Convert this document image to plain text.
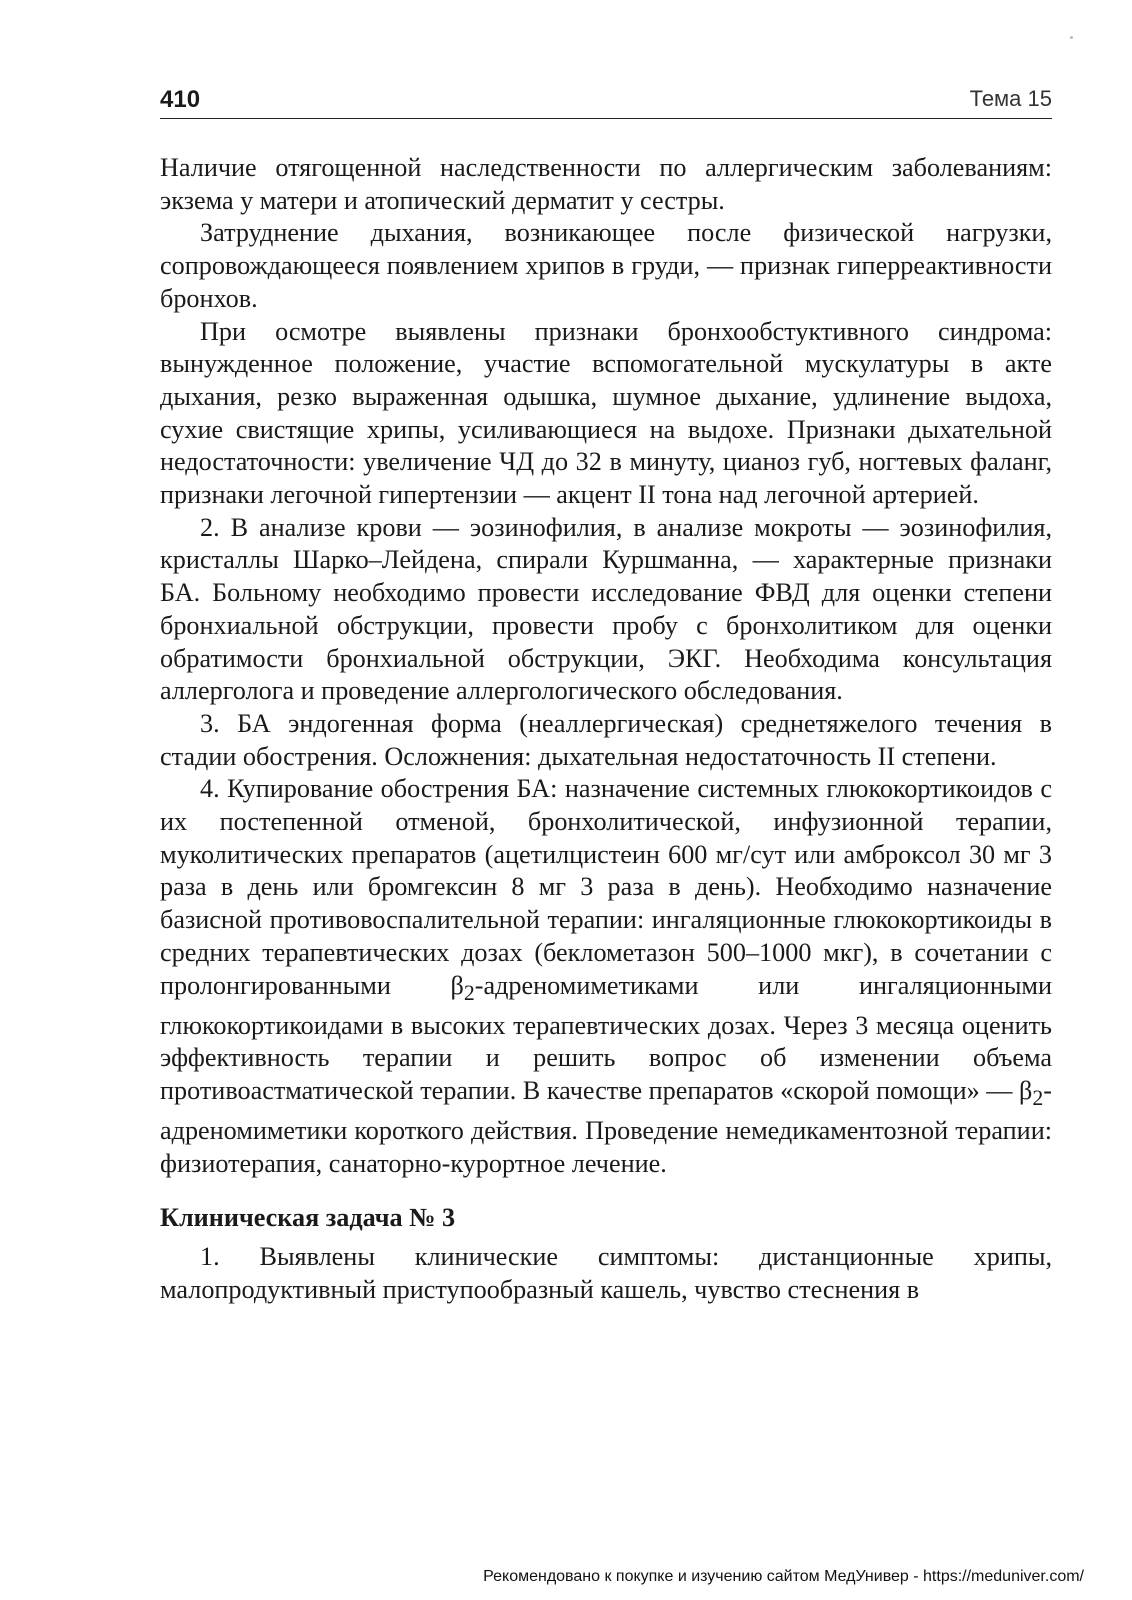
410	Тема 15

Наличие отягощенной наследственности по аллергическим заболеваниям: экзема у матери и атопический дерматит у сестры.

Затруднение дыхания, возникающее после физической нагрузки, сопровождающееся появлением хрипов в груди, — признак гиперреактивности бронхов.

При осмотре выявлены признаки бронхообстуктивного синдрома: вынужденное положение, участие вспомогательной мускулатуры в акте дыхания, резко выраженная одышка, шумное дыхание, удлинение выдоха, сухие свистящие хрипы, усиливающиеся на выдохе. Признаки дыхательной недостаточности: увеличение ЧД до 32 в минуту, цианоз губ, ногтевых фаланг, признаки легочной гипертензии — акцент II тона над легочной артерией.

2. В анализе крови — эозинофилия, в анализе мокроты — эозинофилия, кристаллы Шарко–Лейдена, спирали Куршманна, — характерные признаки БА. Больному необходимо провести исследование ФВД для оценки степени бронхиальной обструкции, провести пробу с бронхолитиком для оценки обратимости бронхиальной обструкции, ЭКГ. Необходима консультация аллерголога и проведение аллергологического обследования.

3. БА эндогенная форма (неаллергическая) среднетяжелого течения в стадии обострения. Осложнения: дыхательная недостаточность II степени.

4. Купирование обострения БА: назначение системных глюкокортикоидов с их постепенной отменой, бронхолитической, инфузионной терапии, муколитических препаратов (ацетилцистеин 600 мг/сут или амброксол 30 мг 3 раза в день или бромгексин 8 мг 3 раза в день). Необходимо назначение базисной противовоспалительной терапии: ингаляционные глюкокортикоиды в средних терапевтических дозах (беклометазон 500–1000 мкг), в сочетании с пролонгированными $\beta_2$-адреномиметиками или ингаляционными глюкокортикоидами в высоких терапевтических дозах. Через 3 месяца оценить эффективность терапии и решить вопрос об изменении объема противоастматической терапии. В качестве препаратов «скорой помощи» — $\beta_2$-адреномиметики короткого действия. Проведение немедикаментозной терапии: физиотерапия, санаторно-курортное лечение.

Клиническая задача № 3

1. Выявлены клинические симптомы: дистанционные хрипы, малопродуктивный приступообразный кашель, чувство стеснения в

Рекомендовано к покупке и изучению сайтом МедУнивер - https://meduniver.com/
